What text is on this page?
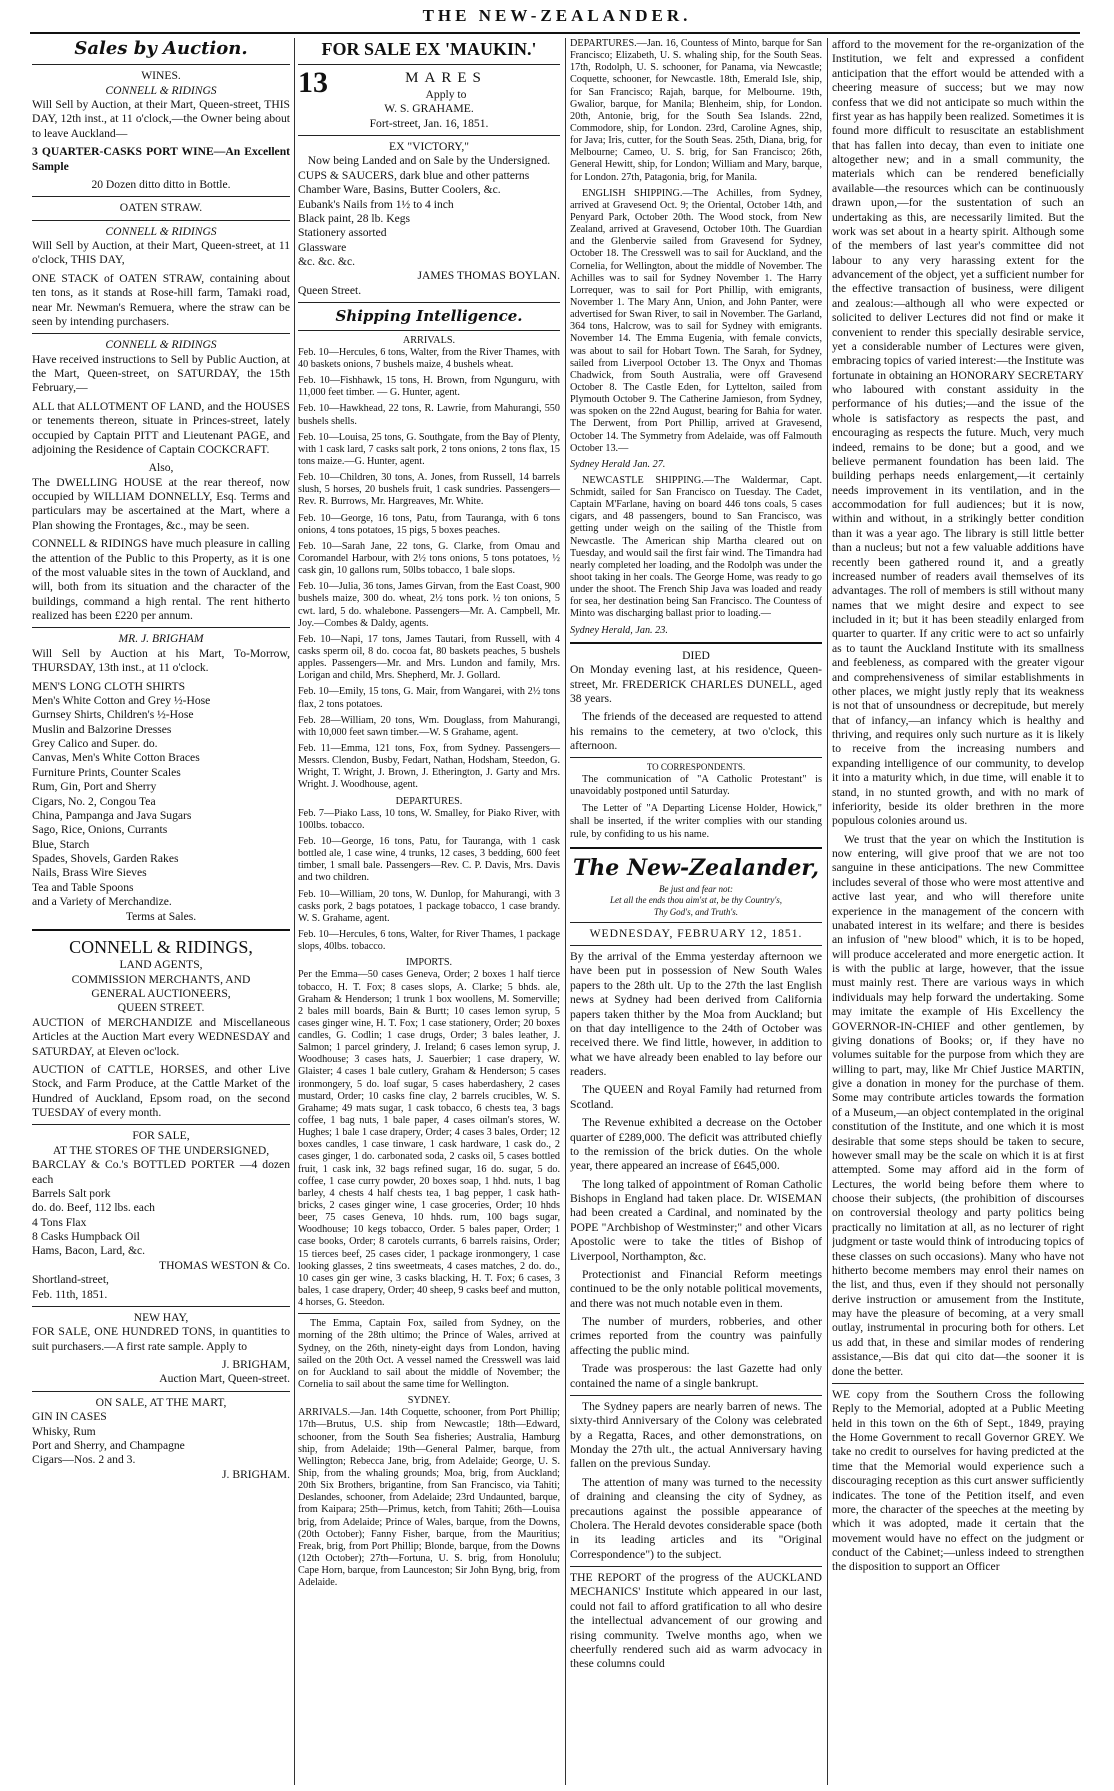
THE NEW-ZEALANDER.
Sales by Auction.
WINES.
CONNELL & RIDINGS

Will Sell by Auction, at their Mart, Queen-street, THIS DAY, 12th inst., at 11 o'clock,—the Owner being about to leave Auckland—

3 QUARTER-CASKS PORT WINE—An Excellent Sample

20 Dozen ditto ditto in Bottle.

OATEN STRAW.
CONNELL & RIDINGS

Will Sell by Auction, at their Mart, Queen-street, at 11 o'clock, THIS DAY,

ONE STACK of OATEN STRAW, containing about ten tons, as it stands at Rose-hill farm, Tamaki road, near Mr. Newman's Remuera, where the straw can be seen by intending purchasers.

CONNELL & RIDINGS

Have received instructions to Sell by Public Auction, at the Mart, Queen-street, on SATURDAY, the 15th February,—

ALL that ALLOTMENT OF LAND, and the HOUSES or tenements thereon, situate in Princes-street, lately occupied by Captain PITT and Lieutenant PAGE, and adjoining the Residence of Captain COCKCRAFT.

Also,

The DWELLING HOUSE at the rear thereof, now occupied by WILLIAM DONNELLY, Esq. Terms and particulars may be ascertained at the Mart, where a Plan showing the Frontages, &c., may be seen.

CONNELL & RIDINGS have much pleasure in calling the attention of the Public to this Property, as it is one of the most valuable sites in the town of Auckland, and will, both from its situation and the character of the buildings, command a high rental. The rent hitherto realized has been £220 per annum.

MR. J. BRIGHAM

Will Sell by Auction at his Mart, To-Morrow, THURSDAY, 13th inst., at 11 o'clock.

MEN'S LONG CLOTH SHIRTS
Men's White Cotton and Grey ½-Hose
Gurnsey Shirts, Children's ½-Hose
Muslin and Balzorine Dresses
Grey Calico and Super. do.
Canvas, Men's White Cotton Braces
Furniture Prints, Counter Scales
Rum, Gin, Port and Sherry
Cigars, No. 2, Congou Tea
China, Pampanga and Java Sugars
Sago, Rice, Onions, Currants
Blue, Starch
Spades, Shovels, Garden Rakes
Nails, Brass Wire Sieves
Tea and Table Spoons
and a Variety of Merchandize.
Terms at Sales.
CONNELL & RIDINGS,
LAND AGENTS,
COMMISSION MERCHANTS, AND
GENERAL AUCTIONEERS,
QUEEN STREET.

AUCTION of MERCHANDIZE and Miscellaneous Articles at the Auction Mart every WEDNESDAY and SATURDAY, at Eleven oc'lock.

AUCTION of CATTLE, HORSES, and other Live Stock, and Farm Produce, at the Cattle Market of the Hundred of Auckland, Epsom road, on the second TUESDAY of every month.

FOR SALE,
AT THE STORES OF THE UNDERSIGNED,
BARCLAY & Co.'s BOTTLED PORTER —4 dozen each
Barrels Salt pork
do. do. Beef, 112 lbs. each
4 Tons Flax
8 Casks Humpback Oil
Hams, Bacon, Lard, &c.
THOMAS WESTON & Co.
Shortland-street,
Feb. 11th, 1851.
NEW HAY,

FOR SALE, ONE HUNDRED TONS, in quantities to suit purchasers.—A first rate sample. Apply to

J. BRIGHAM,
Auction Mart, Queen-street.
ON SALE, AT THE MART,
GIN IN CASES
Whisky, Rum
Port and Sherry, and Champagne
Cigars—Nos. 2 and 3.
J. BRIGHAM.
FOR SALE EX 'MAUKIN.'
13	MARES
Apply to
W. S. GRAHAME.
Fort-street, Jan. 16, 1851.
EX "VICTORY,"
Now being Landed and on Sale by the Undersigned.
CUPS & SAUCERS, dark blue and other patterns
Chamber Ware, Basins, Butter Coolers, &c.
Eubank's Nails from 1½ to 4 inch
Black paint, 28 lb. Kegs
Stationery assorted
Glassware
&c. &c. &c.
JAMES THOMAS BOYLAN.
Queen Street.
Shipping Intelligence.
ARRIVALS.

Feb. 10—Hercules, 6 tons, Walter, from the River Thames, with 40 baskets onions, 7 bushels maize, 4 bushels wheat.

Feb. 10—Fishhawk, 15 tons, H. Brown, from Ngunguru, with 11,000 feet timber. — G. Hunter, agent.

Feb. 10—Hawkhead, 22 tons, R. Lawrie, from Mahurangi, 550 bushels shells.

Feb. 10—Louisa, 25 tons, G. Southgate, from the Bay of Plenty, with 1 cask lard, 7 casks salt pork, 2 tons onions, 2 tons flax, 15 tons maize.—G. Hunter, agent.

Feb. 10—Children, 30 tons, A. Jones, from Russell, 14 barrels slush, 5 horses, 20 bushels fruit, 1 cask sundries. Passengers—Rev. R. Burrows, Mr. Hargreaves, Mr. White.

Feb. 10—George, 16 tons, Patu, from Tauranga, with 6 tons onions, 4 tons potatoes, 15 pigs, 5 boxes peaches.

Feb. 10—Sarah Jane, 22 tons, G. Clarke, from Omau and Coromandel Harbour, with 2½ tons onions, 5 tons potatoes, ½ cask gin, 10 gallons rum, 50lbs tobacco, 1 bale slops.

Feb. 10—Julia, 36 tons, James Girvan, from the East Coast, 900 bushels maize, 300 do. wheat, 2½ tons pork. ½ ton onions, 5 cwt. lard, 5 do. whalebone. Passengers—Mr. A. Campbell, Mr. Joy.—Combes & Daldy, agents.

Feb. 10—Napi, 17 tons, James Tautari, from Russell, with 4 casks sperm oil, 8 do. cocoa fat, 80 baskets peaches, 5 bushels apples. Passengers—Mr. and Mrs. Lundon and family, Mrs. Lorigan and child, Mrs. Shepherd, Mr. J. Gollard.

Feb. 10—Emily, 15 tons, G. Mair, from Wangarei, with 2½ tons flax, 2 tons potatoes.

Feb. 28—William, 20 tons, Wm. Douglass, from Mahurangi, with 10,000 feet sawn timber.—W. S Grahame, agent.

Feb. 11—Emma, 121 tons, Fox, from Sydney. Passengers—Messrs. Clendon, Busby, Fedart, Nathan, Hodsham, Steedon, G. Wright, T. Wright, J. Brown, J. Etherington, J. Garty and Mrs. Wright. J. Woodhouse, agent.

DEPARTURES.

Feb. 7—Piako Lass, 10 tons, W. Smalley, for Piako River, with 100lbs. tobacco.

Feb. 10—George, 16 tons, Patu, for Tauranga, with 1 cask bottled ale, 1 case wine, 4 trunks, 12 cases, 3 bedding, 600 feet timber, 1 small bale. Passengers—Rev. C. P. Davis, Mrs. Davis and two children.

Feb. 10—William, 20 tons, W. Dunlop, for Mahurangi, with 3 casks pork, 2 bags potatoes, 1 package tobacco, 1 case brandy. W. S. Grahame, agent.

Feb. 10—Hercules, 6 tons, Walter, for River Thames, 1 package slops, 40lbs. tobacco.

IMPORTS.

Per the Emma—50 cases Geneva, Order; 2 boxes 1 half tierce tobacco, H. T. Fox; 8 cases slops, A. Clarke; 5 bhds. ale, Graham & Henderson; 1 trunk 1 box woollens, M. Somerville; 2 bales mill boards, Bain & Burtt; 10 cases lemon syrup, 5 cases ginger wine, H. T. Fox; 1 case stationery, Order; 20 boxes candles, G. Codlin; 1 case drugs, Order; 3 bales leather, J. Salmon; 1 parcel grindery, J. Ireland; 6 cases lemon syrup, J. Woodhouse; 3 cases hats, J. Sauerbier; 1 case drapery, W. Glaister; 4 cases 1 bale cutlery, Graham & Henderson; 5 cases ironmongery, 5 do. loaf sugar, 5 cases haberdashery, 2 cases mustard, Order; 10 casks fine clay, 2 barrels crucibles, W. S. Grahame; 49 mats sugar, 1 cask tobacco, 6 chests tea, 3 bags coffee, 1 bag nuts, 1 bale paper, 4 cases oilman's stores, W. Hughes; 1 bale 1 case drapery, Order; 4 cases 3 bales, Order; 12 boxes candles, 1 case tinware, 1 cask hardware, 1 cask do., 2 cases ginger, 1 do. carbonated soda, 2 casks oil, 5 cases bottled fruit, 1 cask ink, 32 bags refined sugar, 16 do. sugar, 5 do. coffee, 1 case curry powder, 20 boxes soap, 1 hhd. nuts, 1 bag barley, 4 chests 4 half chests tea, 1 bag pepper, 1 cask hath-bricks, 2 cases ginger wine, 1 case groceries, Order; 10 hhds beer, 75 cases Geneva, 10 hhds. rum, 100 bags sugar, Woodhouse; 10 kegs tobacco, Order. 5 bales paper, Order; 1 case books, Order; 8 carotels currants, 6 barrels raisins, Order; 15 tierces beef, 25 cases cider, 1 package ironmongery, 1 case looking glasses, 2 tins sweetmeats, 4 cases matches, 2 do. do., 10 cases gin ger wine, 3 casks blacking, H. T. Fox; 6 cases, 3 bales, 1 case drapery, Order; 40 sheep, 9 casks beef and mutton, 4 horses, G. Steedon.

The Emma, Captain Fox, sailed from Sydney, on the morning of the 28th ultimo; the Prince of Wales, arrived at Sydney, on the 26th, ninety-eight days from London, having sailed on the 20th Oct. A vessel named the Cresswell was laid on for Auckland to sail about the middle of November; the Cornelia to sail about the same time for Wellington.

SYDNEY.

ARRIVALS.—Jan. 14th Coquette, schooner, from Port Phillip; 17th—Brutus, U.S. ship from Newcastle; 18th—Edward, schooner, from the South Sea fisheries; Australia, Hamburg ship, from Adelaide; 19th—General Palmer, barque, from Wellington; Rebecca Jane, brig, from Adelaide; George, U. S. Ship, from the whaling grounds; Moa, brig, from Auckland; 20th Six Brothers, brigantine, from San Francisco, via Tahiti; Deslandes, schooner, from Adelaide; 23rd Undaunted, barque, from Kaipara; 25th—Primus, ketch, from Tahiti; 26th—Louisa brig, from Adelaide; Prince of Wales, barque, from the Downs, (20th October); Fanny Fisher, barque, from the Mauritius; Freak, brig, from Port Phillip; Blonde, barque, from the Downs (12th October); 27th—Fortuna, U. S. brig, from Honolulu; Cape Horn, barque, from Launceston; Sir John Byng, brig, from Adelaide.

DEPARTURES.—Jan. 16, Countess of Minto, barque for San Francisco; Elizabeth, U. S. whaling ship, for the South Seas. 17th, Rodolph, U. S. schooner, for Panama, via Newcastle; Coquette, schooner, for Newcastle. 18th, Emerald Isle, ship, for San Francisco; Rajah, barque, for Melbourne. 19th, Gwalior, barque, for Manila; Blenheim, ship, for London. 20th, Antonie, brig, for the South Sea Islands. 22nd, Commodore, ship, for London. 23rd, Caroline Agnes, ship, for Java; Iris, cutter, for the South Seas. 25th, Diana, brig, for Melbourne; Cameo, U. S. brig, for San Francisco; 26th, General Hewitt, ship, for London; William and Mary, barque, for London. 27th, Patagonia, brig, for Manila.

ENGLISH SHIPPING.—The Achilles, from Sydney, arrived at Gravesend Oct. 9; the Oriental, October 14th, and Penyard Park, October 20th. The Wood stock, from New Zealand, arrived at Gravesend, October 10th. The Guardian and the Glenbervie sailed from Gravesend for Sydney, October 18. The Cresswell was to sail for Auckland, and the Cornelia, for Wellington, about the middle of November. The Achilles was to sail for Sydney November 1. The Harry Lorrequer, was to sail for Port Phillip, with emigrants, November 1. The Mary Ann, Union, and John Panter, were advertised for Swan River, to sail in November. The Garland, 364 tons, Halcrow, was to sail for Sydney with emigrants. November 14. The Emma Eugenia, with female convicts, was about to sail for Hobart Town. The Sarah, for Sydney, sailed from Liverpool October 13. The Onyx and Thomas Chadwick, from South Australia, were off Gravesend October 8. The Castle Eden, for Lyttelton, sailed from Plymouth October 9. The Catherine Jamieson, from Sydney, was spoken on the 22nd August, bearing for Bahia for water. The Derwent, from Port Phillip, arrived at Gravesend, October 14. The Symmetry from Adelaide, was off Falmouth October 13.—

Sydney Herald Jan. 27.

NEWCASTLE SHIPPING.—The Waldermar, Capt. Schmidt, sailed for San Francisco on Tuesday. The Cadet, Captain M'Farlane, having on board 446 tons coals, 5 cases cigars, and 48 passengers, bound to San Francisco, was getting under weigh on the sailing of the Thistle from Newcastle. The American ship Martha cleared out on Tuesday, and would sail the first fair wind. The Timandra had nearly completed her loading, and the Rodolph was under the shoot taking in her coals. The George Home, was ready to go under the shoot. The French Ship Java was loaded and ready for sea, her destination being San Francisco. The Countess of Minto was discharging ballast prior to loading.—

Sydney Herald, Jan. 23.

DIED

On Monday evening last, at his residence, Queen-street, Mr. FREDERICK CHARLES DUNELL, aged 38 years.

The friends of the deceased are requested to attend his remains to the cemetery, at two o'clock, this afternoon.

TO CORRESPONDENTS.

The communication of "A Catholic Protestant" is unavoidably postponed until Saturday.

The Letter of "A Departing License Holder, Howick," shall be inserted, if the writer complies with our standing rule, by confiding to us his name.

The New-Zealander,
Be just and fear not:
Let all the ends thou aim'st at, be thy Country's,
Thy God's, and Truth's.
WEDNESDAY, FEBRUARY 12, 1851.

By the arrival of the Emma yesterday afternoon we have been put in possession of New South Wales papers to the 28th ult. Up to the 27th the last English news at Sydney had been derived from California papers taken thither by the Moa from Auckland; but on that day intelligence to the 24th of October was received there. We find little, however, in addition to what we have already been enabled to lay before our readers.

The QUEEN and Royal Family had returned from Scotland.

The Revenue exhibited a decrease on the October quarter of £289,000. The deficit was attributed chiefly to the remission of the brick duties. On the whole year, there appeared an increase of £645,000.

The long talked of appointment of Roman Catholic Bishops in England had taken place. Dr. WISEMAN had been created a Cardinal, and nominated by the POPE "Archbishop of Westminster;" and other Vicars Apostolic were to take the titles of Bishop of Liverpool, Northampton, &c.

Protectionist and Financial Reform meetings continued to be the only notable political movements, and there was not much notable even in them.

The number of murders, robberies, and other crimes reported from the country was painfully affecting the public mind.

Trade was prosperous: the last Gazette had only contained the name of a single bankrupt.

The Sydney papers are nearly barren of news. The sixty-third Anniversary of the Colony was celebrated by a Regatta, Races, and other demonstrations, on Monday the 27th ult., the actual Anniversary having fallen on the previous Sunday.

The attention of many was turned to the necessity of draining and cleansing the city of Sydney, as precautions against the possible appearance of Cholera. The Herald devotes considerable space (both in its leading articles and its "Original Correspondence") to the subject.

THE REPORT of the progress of the AUCKLAND MECHANICS' Institute which appeared in our last, could not fail to afford gratification to all who desire the intellectual advancement of our growing and rising community. Twelve months ago, when we cheerfully rendered such aid as warm advocacy in these columns could

afford to the movement for the re-organization of the Institution, we felt and expressed a confident anticipation that the effort would be attended with a cheering measure of success; but we may now confess that we did not anticipate so much within the first year as has happily been realized. Sometimes it is found more difficult to resuscitate an establishment that has fallen into decay, than even to initiate one altogether new; and in a small community, the materials which can be rendered beneficially available—the resources which can be continuously drawn upon,—for the sustentation of such an undertaking as this, are necessarily limited. But the work was set about in a hearty spirit. Although some of the members of last year's committee did not labour to any very harassing extent for the advancement of the object, yet a sufficient number for the effective transaction of business, were diligent and zealous:—although all who were expected or solicited to deliver Lectures did not find or make it convenient to render this specially desirable service, yet a considerable number of Lectures were given, embracing topics of varied interest:—the Institute was fortunate in obtaining an HONORARY SECRETARY who laboured with constant assiduity in the performance of his duties;—and the issue of the whole is satisfactory as respects the past, and encouraging as respects the future. Much, very much indeed, remains to be done; but a good, and we believe permanent foundation has been laid. The building perhaps needs enlargement,—it certainly needs improvement in its ventilation, and in the accommodation for full audiences; but it is now, within and without, in a strikingly better condition than it was a year ago. The library is still little better than a nucleus; but not a few valuable additions have recently been gathered round it, and a greatly increased number of readers avail themselves of its advantages. The roll of members is still without many names that we might desire and expect to see included in it; but it has been steadily enlarged from quarter to quarter. If any critic were to act so unfairly as to taunt the Auckland Institute with its smallness and feebleness, as compared with the greater vigour and comprehensiveness of similar establishments in other places, we might justly reply that its weakness is not that of unsoundness or decrepitude, but merely that of infancy,—an infancy which is healthy and thriving, and requires only such nurture as it is likely to receive from the increasing numbers and expanding intelligence of our community, to develop it into a maturity which, in due time, will enable it to stand, in no stunted growth, and with no mark of inferiority, beside its older brethren in the more populous colonies around us.

We trust that the year on which the Institution is now entering, will give proof that we are not too sanguine in these anticipations. The new Committee includes several of those who were most attentive and active last year, and who will therefore unite experience in the management of the concern with unabated interest in its welfare; and there is besides an infusion of "new blood" which, it is to be hoped, will produce accelerated and more energetic action. It is with the public at large, however, that the issue must mainly rest. There are various ways in which individuals may help forward the undertaking. Some may imitate the example of His Excellency the GOVERNOR-IN-CHIEF and other gentlemen, by giving donations of Books; or, if they have no volumes suitable for the purpose from which they are willing to part, may, like Mr Chief Justice MARTIN, give a donation in money for the purchase of them. Some may contribute articles towards the formation of a Museum,—an object contemplated in the original constitution of the Institute, and one which it is most desirable that some steps should be taken to secure, however small may be the scale on which it is at first attempted. Some may afford aid in the form of Lectures, the world being before them where to choose their subjects, (the prohibition of discourses on controversial theology and party politics being practically no limitation at all, as no lecturer of right judgment or taste would think of introducing topics of these classes on such occasions). Many who have not hitherto become members may enrol their names on the list, and thus, even if they should not personally derive instruction or amusement from the Institute, may have the pleasure of becoming, at a very small outlay, instrumental in procuring both for others. Let us add that, in these and similar modes of rendering assistance,—Bis dat qui cito dat—the sooner it is done the better.

WE copy from the Southern Cross the following Reply to the Memorial, adopted at a Public Meeting held in this town on the 6th of Sept., 1849, praying the Home Government to recall Governor GREY. We take no credit to ourselves for having predicted at the time that the Memorial would experience such a discouraging reception as this curt answer sufficiently indicates. The tone of the Petition itself, and even more, the character of the speeches at the meeting by which it was adopted, made it certain that the movement would have no effect on the judgment or conduct of the Cabinet;—unless indeed to strengthen the disposition to support an Officer
